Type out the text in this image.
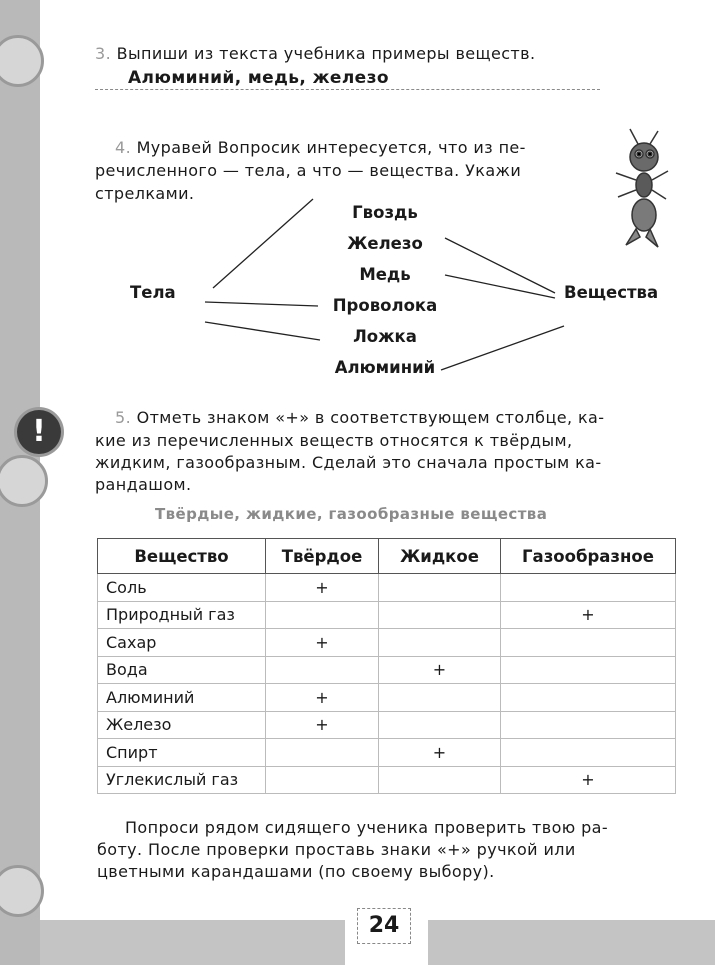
!
3. Выпиши из текста учебника примеры веществ.
Алюминий, медь, железо
4. Муравей Вопросик интересуется, что из пе-
речисленного — тела, а что — вещества. Укажи
стрелками.
Тела	Вещества
Гвоздь
Железо
Медь
Проволока
Ложка
Алюминий
5. Отметь знаком «+» в соответствующем столбце, ка-
кие из перечисленных веществ относятся к твёрдым,
жидким, газообразным. Сделай это сначала простым ка-
рандашом.
Твёрдые, жидкие, газообразные вещества
Вещество	Твёрдое	Жидкое	Газообразное
Соль	+		
Природный газ			+
Сахар	+		
Вода		+	
Алюминий	+		
Железо	+		
Спирт		+	
Углекислый газ			+
Попроси рядом сидящего ученика проверить твою ра-
боту. После проверки проставь знаки «+» ручкой или
цветными карандашами (по своему выбору).
24
